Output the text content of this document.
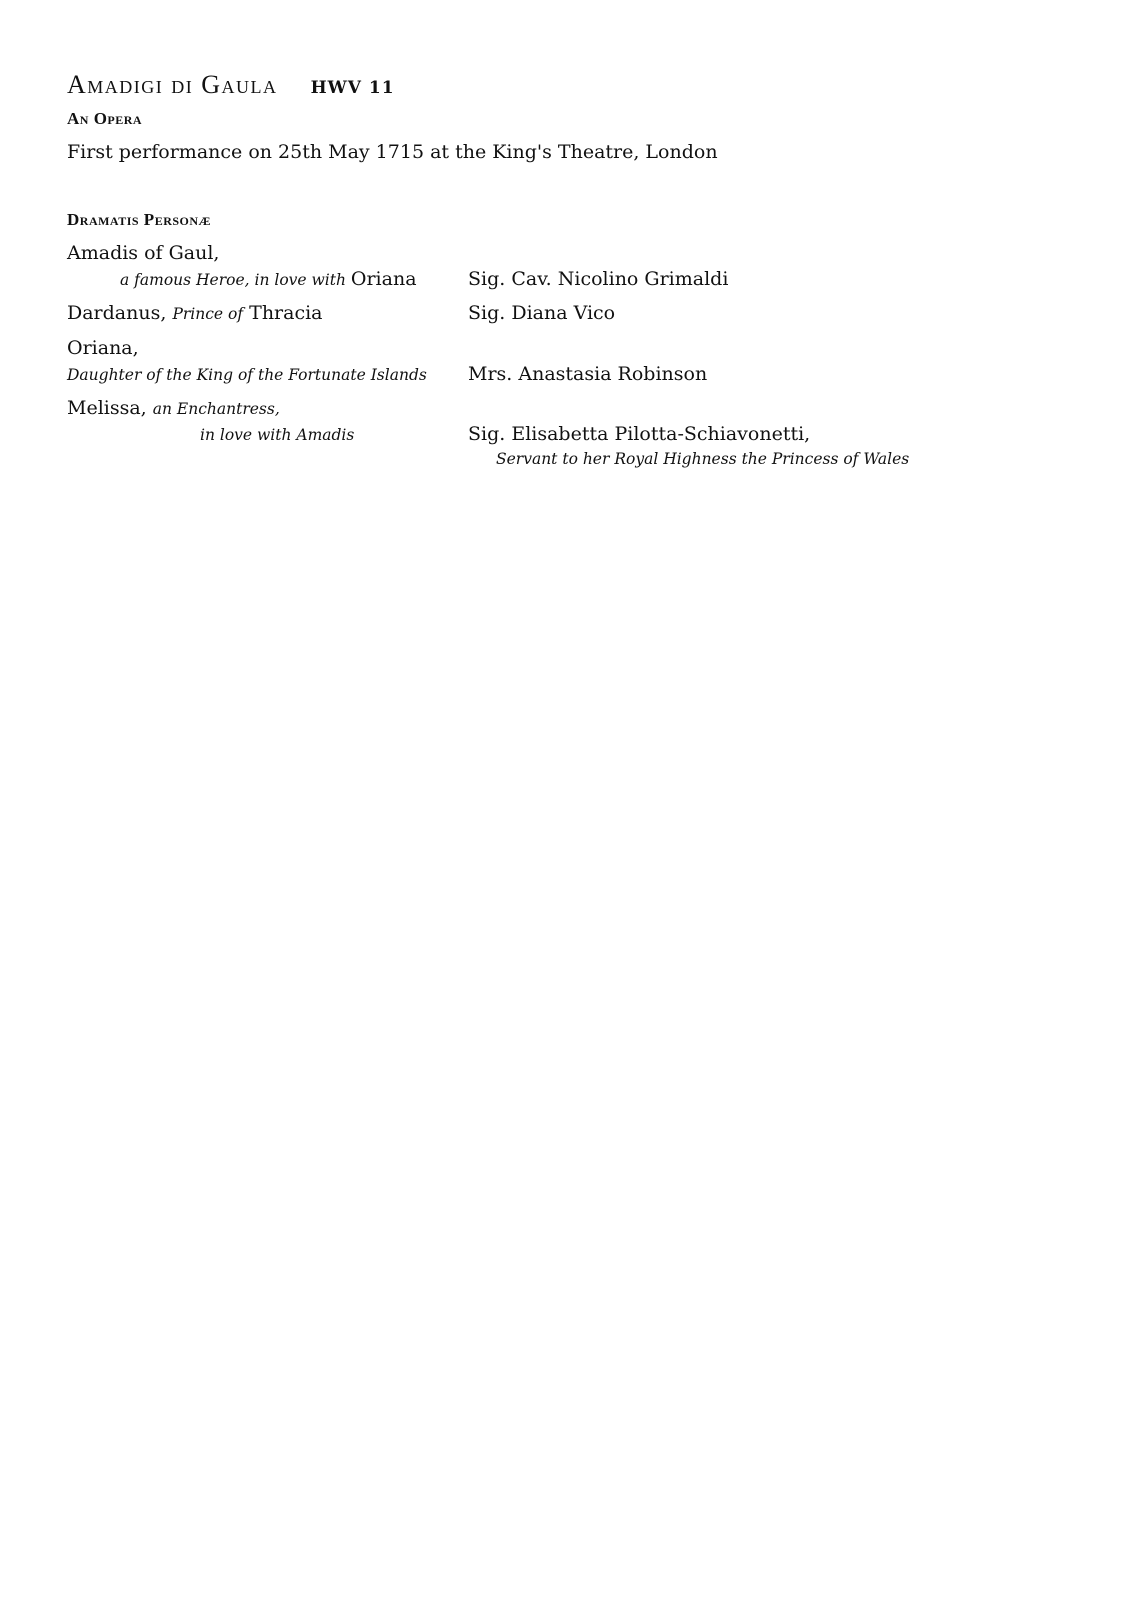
Amadigi di Gaula HWV 11
An Opera
First performance on 25th May 1715 at the King's Theatre, London
Dramatis Personæ
Amadis of Gaul,
a famous Heroe, in love with Oriana	Sig. Cav. Nicolino Grimaldi
Dardanus, Prince of Thracia	Sig. Diana Vico
Oriana,
Daughter of the King of the Fortunate Islands Mrs. Anastasia Robinson
Melissa, an Enchantress,
in love with Amadis	Sig. Elisabetta Pilotta-Schiavonetti,
Servant to her Royal Highness the Princess of Wales
